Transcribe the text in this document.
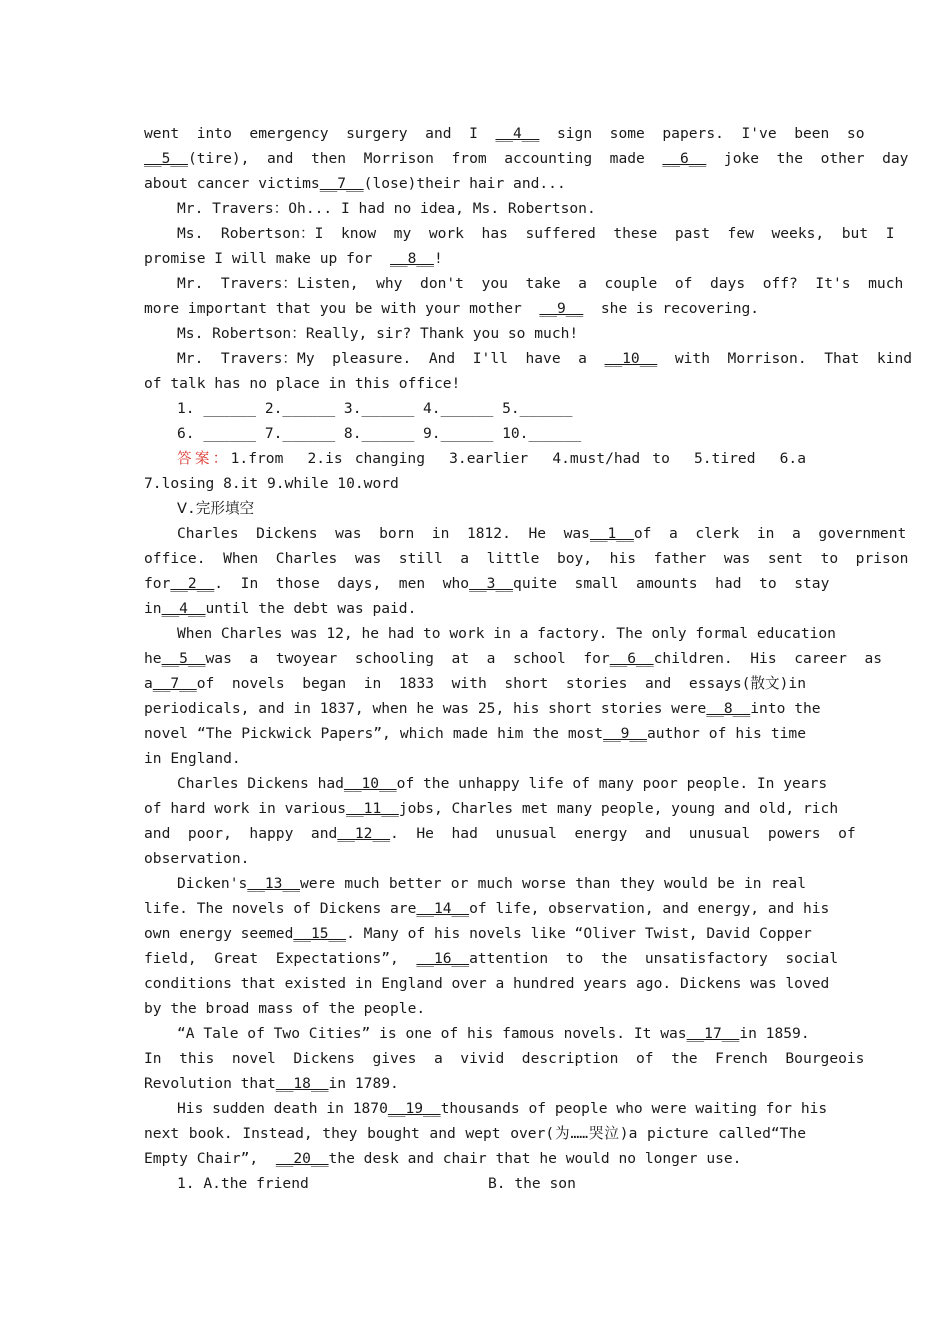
went  into  emergency  surgery  and  I  __4__  sign  some  papers.  I've  been  so
__5__(tire),  and  then  Morrison  from  accounting  made  __6__  joke  the  other  day
about cancer victims__7__(lose)their hair and...
Mr. Travers：Oh... I had no idea, Ms. Robertson.
Ms.  Robertson：I  know  my  work  has  suffered  these  past  few  weeks,  but  I
promise I will make up for  __8__!
Mr.  Travers：Listen,  why  don't  you  take  a  couple  of  days  off?  It's  much
more important that you be with your mother  __9__  she is recovering.
Ms. Robertson：Really, sir? Thank you so much!
Mr.  Travers：My  pleasure.  And  I'll  have  a  __10__  with  Morrison.  That  kind
of talk has no place in this office!
1. ______ 2.______ 3.______ 4.______ 5.______
6. ______ 7.______ 8.______ 9.______ 10.______
答案：1.from  2.is changing  3.earlier  4.must/had to  5.tired  6.a
7.losing 8.it 9.while 10.word
Ⅴ.完形填空
Charles  Dickens  was  born  in  1812.  He  was__1__of  a  clerk  in  a  government
office.  When  Charles  was  still  a  little  boy,  his  father  was  sent  to  prison
for__2__.  In  those  days,  men  who__3__quite  small  amounts  had  to  stay
in__4__until the debt was paid.
When Charles was 12, he had to work in a factory. The only formal education
he__5__was  a  twoyear  schooling  at  a  school  for__6__children.  His  career  as
a__7__of  novels  began  in  1833  with  short  stories  and  essays(散文)in
periodicals, and in 1837, when he was 25, his short stories were__8__into the
novel “The Pickwick Papers”, which made him the most__9__author of his time
in England.
Charles Dickens had__10__of the unhappy life of many poor people. In years
of hard work in various__11__jobs, Charles met many people, young and old, rich
and  poor,  happy  and__12__.  He  had  unusual  energy  and  unusual  powers  of
observation.
Dicken's__13__were much better or much worse than they would be in real
life. The novels of Dickens are__14__of life, observation, and energy, and his
own energy seemed__15__. Many of his novels like “Oliver Twist, David Copper
field,  Great  Expectations”,  __16__attention  to  the  unsatisfactory  social
conditions that existed in England over a hundred years ago. Dickens was loved
by the broad mass of the people.
“A Tale of Two Cities” is one of his famous novels. It was__17__in 1859.
In  this  novel  Dickens  gives  a  vivid  description  of  the  French  Bourgeois
Revolution that__18__in 1789.
His sudden death in 1870__19__thousands of people who were waiting for his
next book. Instead, they bought and wept over(为……哭泣)a picture called“The
Empty Chair”,  __20__the desk and chair that he would no longer use.
1. A.the friend	B. the son
